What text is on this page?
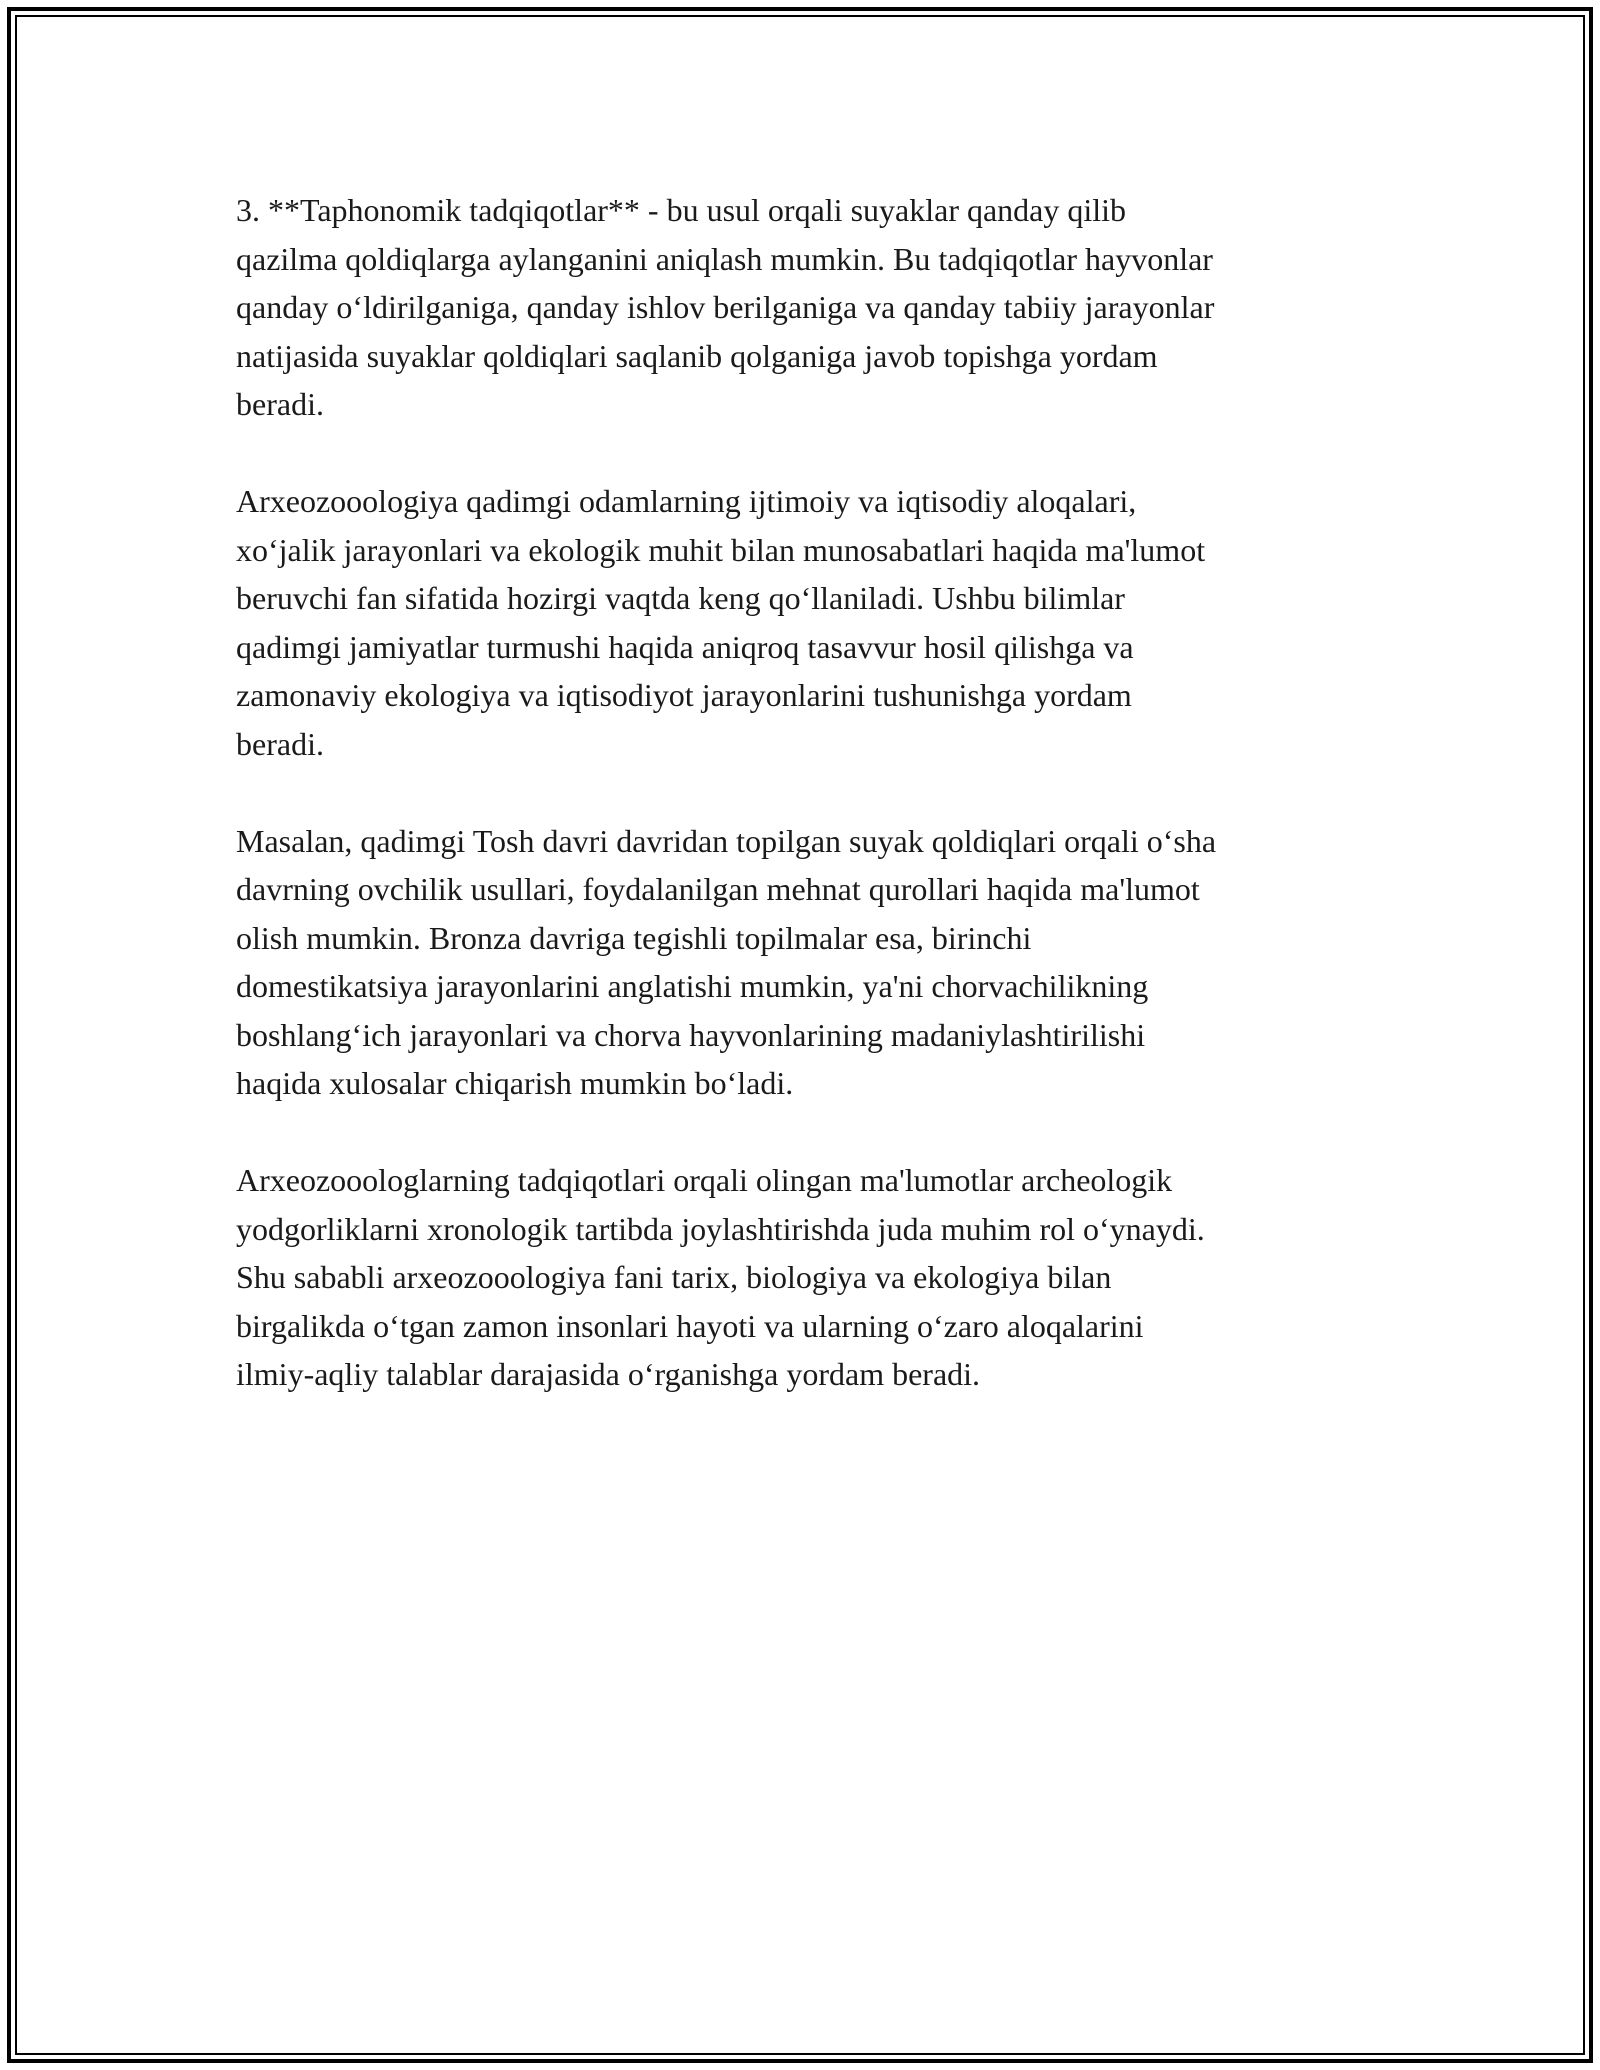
3. **Taphonomik tadqiqotlar** - bu usul orqali suyaklar qanday qilib
qazilma qoldiqlarga aylanganini aniqlash mumkin. Bu tadqiqotlar hayvonlar
qanday o‘ldirilganiga, qanday ishlov berilganiga va qanday tabiiy jarayonlar
natijasida suyaklar qoldiqlari saqlanib qolganiga javob topishga yordam
beradi.

Arxeozooologiya qadimgi odamlarning ijtimoiy va iqtisodiy aloqalari,
xo‘jalik jarayonlari va ekologik muhit bilan munosabatlari haqida ma'lumot
beruvchi fan sifatida hozirgi vaqtda keng qo‘llaniladi. Ushbu bilimlar
qadimgi jamiyatlar turmushi haqida aniqroq tasavvur hosil qilishga va
zamonaviy ekologiya va iqtisodiyot jarayonlarini tushunishga yordam
beradi.

Masalan, qadimgi Tosh davri davridan topilgan suyak qoldiqlari orqali o‘sha
davrning ovchilik usullari, foydalanilgan mehnat qurollari haqida ma'lumot
olish mumkin. Bronza davriga tegishli topilmalar esa, birinchi
domestikatsiya jarayonlarini anglatishi mumkin, ya'ni chorvachilikning
boshlang‘ich jarayonlari va chorva hayvonlarining madaniylashtirilishi
haqida xulosalar chiqarish mumkin bo‘ladi.

Arxeozooologlarning tadqiqotlari orqali olingan ma'lumotlar archeologik
yodgorliklarni xronologik tartibda joylashtirishda juda muhim rol o‘ynaydi.
Shu sababli arxeozooologiya fani tarix, biologiya va ekologiya bilan
birgalikda o‘tgan zamon insonlari hayoti va ularning o‘zaro aloqalarini
ilmiy-aqliy talablar darajasida o‘rganishga yordam beradi.
